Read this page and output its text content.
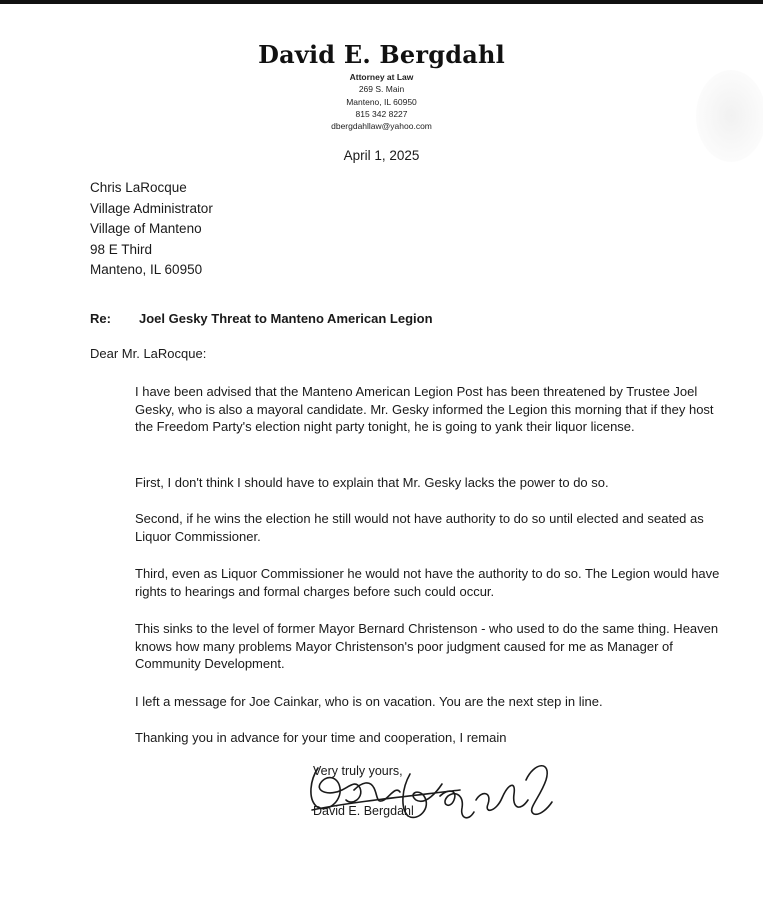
David E. Bergdahl
Attorney at Law
269 S. Main
Manteno, IL 60950
815 342 8227
dbergdahllaw@yahoo.com
April 1, 2025
Chris LaRocque
Village Administrator
Village of Manteno
98 E Third
Manteno, IL 60950
Re: Joel Gesky Threat to Manteno American Legion
Dear Mr. LaRocque:
I have been advised that the Manteno American Legion Post has been threatened by Trustee Joel Gesky, who is also a mayoral candidate. Mr. Gesky informed the Legion this morning that if they host the Freedom Party's election night party tonight, he is going to yank their liquor license.
First, I don't think I should have to explain that Mr. Gesky lacks the power to do so.
Second, if he wins the election he still would not have authority to do so until elected and seated as Liquor Commissioner.
Third, even as Liquor Commissioner he would not have the authority to do so. The Legion would have rights to hearings and formal charges before such could occur.
This sinks to the level of former Mayor Bernard Christenson - who used to do the same thing. Heaven knows how many problems Mayor Christenson's poor judgment caused for me as Manager of Community Development.
I left a message for Joe Cainkar, who is on vacation. You are the next step in line.
Thanking you in advance for your time and cooperation, I remain
Very truly yours,
David E. Bergdahl
